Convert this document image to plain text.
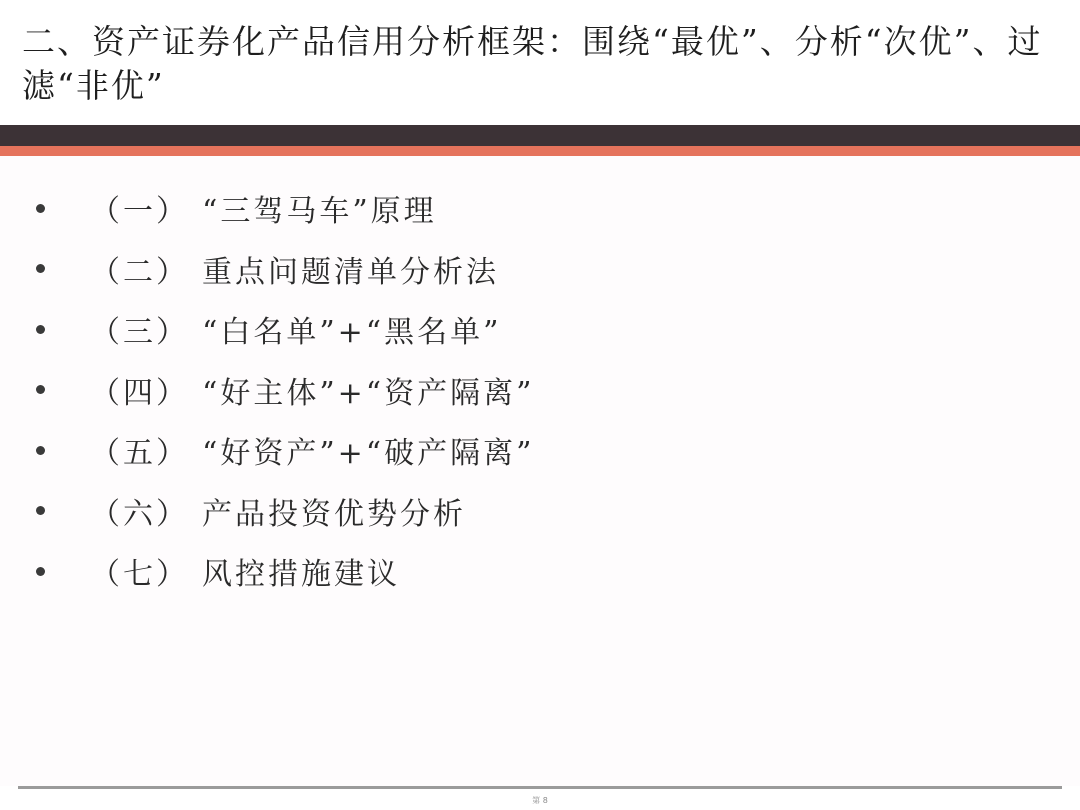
二、资产证券化产品信用分析框架：围绕“最优”、分析“次优”、过滤“非优”
（一） “三驾马车”原理
（二） 重点问题清单分析法
（三） “白名单”+“黑名单”
（四） “好主体”+“资产隔离”
（五） “好资产”+“破产隔离”
（六） 产品投资优势分析
（七） 风控措施建议
第 8
